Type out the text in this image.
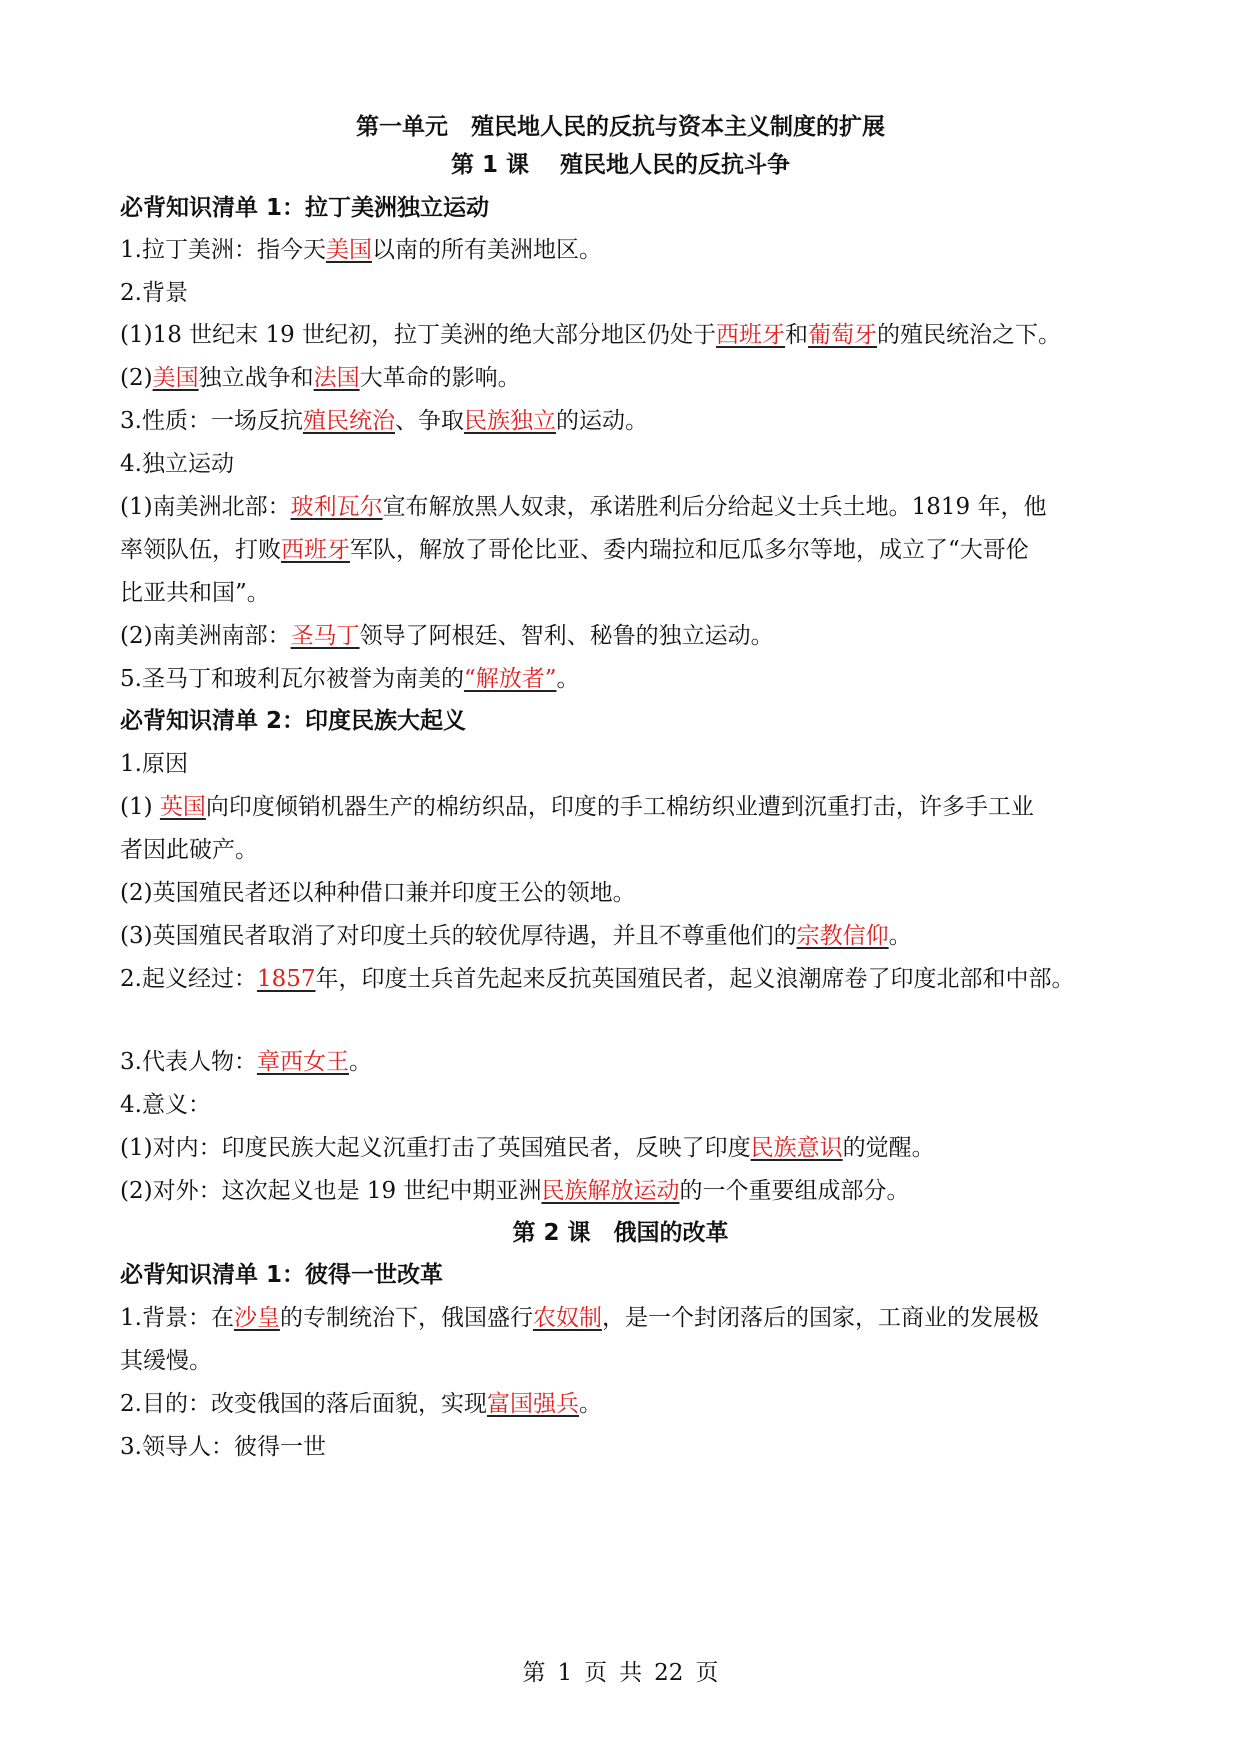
第一单元　殖民地人民的反抗与资本主义制度的扩展
第 1 课　 殖民地人民的反抗斗争
必背知识清单 1：拉丁美洲独立运动
1.拉丁美洲：指今天美国以南的所有美洲地区。
2.背景
(1)18 世纪末 19 世纪初，拉丁美洲的绝大部分地区仍处于西班牙和葡萄牙的殖民统治之下。
(2)美国独立战争和法国大革命的影响。
3.性质：一场反抗殖民统治、争取民族独立的运动。
4.独立运动
(1)南美洲北部：玻利瓦尔宣布解放黑人奴隶，承诺胜利后分给起义士兵土地。1819 年，他
率领队伍，打败西班牙军队，解放了哥伦比亚、委内瑞拉和厄瓜多尔等地，成立了“大哥伦
比亚共和国”。
(2)南美洲南部：圣马丁领导了阿根廷、智利、秘鲁的独立运动。
5.圣马丁和玻利瓦尔被誉为南美的“解放者”。
必背知识清单 2：印度民族大起义
1.原因
(1) 英国向印度倾销机器生产的棉纺织品，印度的手工棉纺织业遭到沉重打击，许多手工业
者因此破产。
(2)英国殖民者还以种种借口兼并印度王公的领地。
(3)英国殖民者取消了对印度土兵的较优厚待遇，并且不尊重他们的宗教信仰。
2.起义经过：1857年，印度土兵首先起来反抗英国殖民者，起义浪潮席卷了印度北部和中部。
3.代表人物：章西女王。
4.意义：
(1)对内：印度民族大起义沉重打击了英国殖民者，反映了印度民族意识的觉醒。
(2)对外：这次起义也是 19 世纪中期亚洲民族解放运动的一个重要组成部分。
第 2 课　俄国的改革
必背知识清单 1：彼得一世改革
1.背景：在沙皇的专制统治下，俄国盛行农奴制，是一个封闭落后的国家，工商业的发展极
其缓慢。
2.目的：改变俄国的落后面貌，实现富国强兵。
3.领导人：彼得一世
第 1 页 共 22 页
